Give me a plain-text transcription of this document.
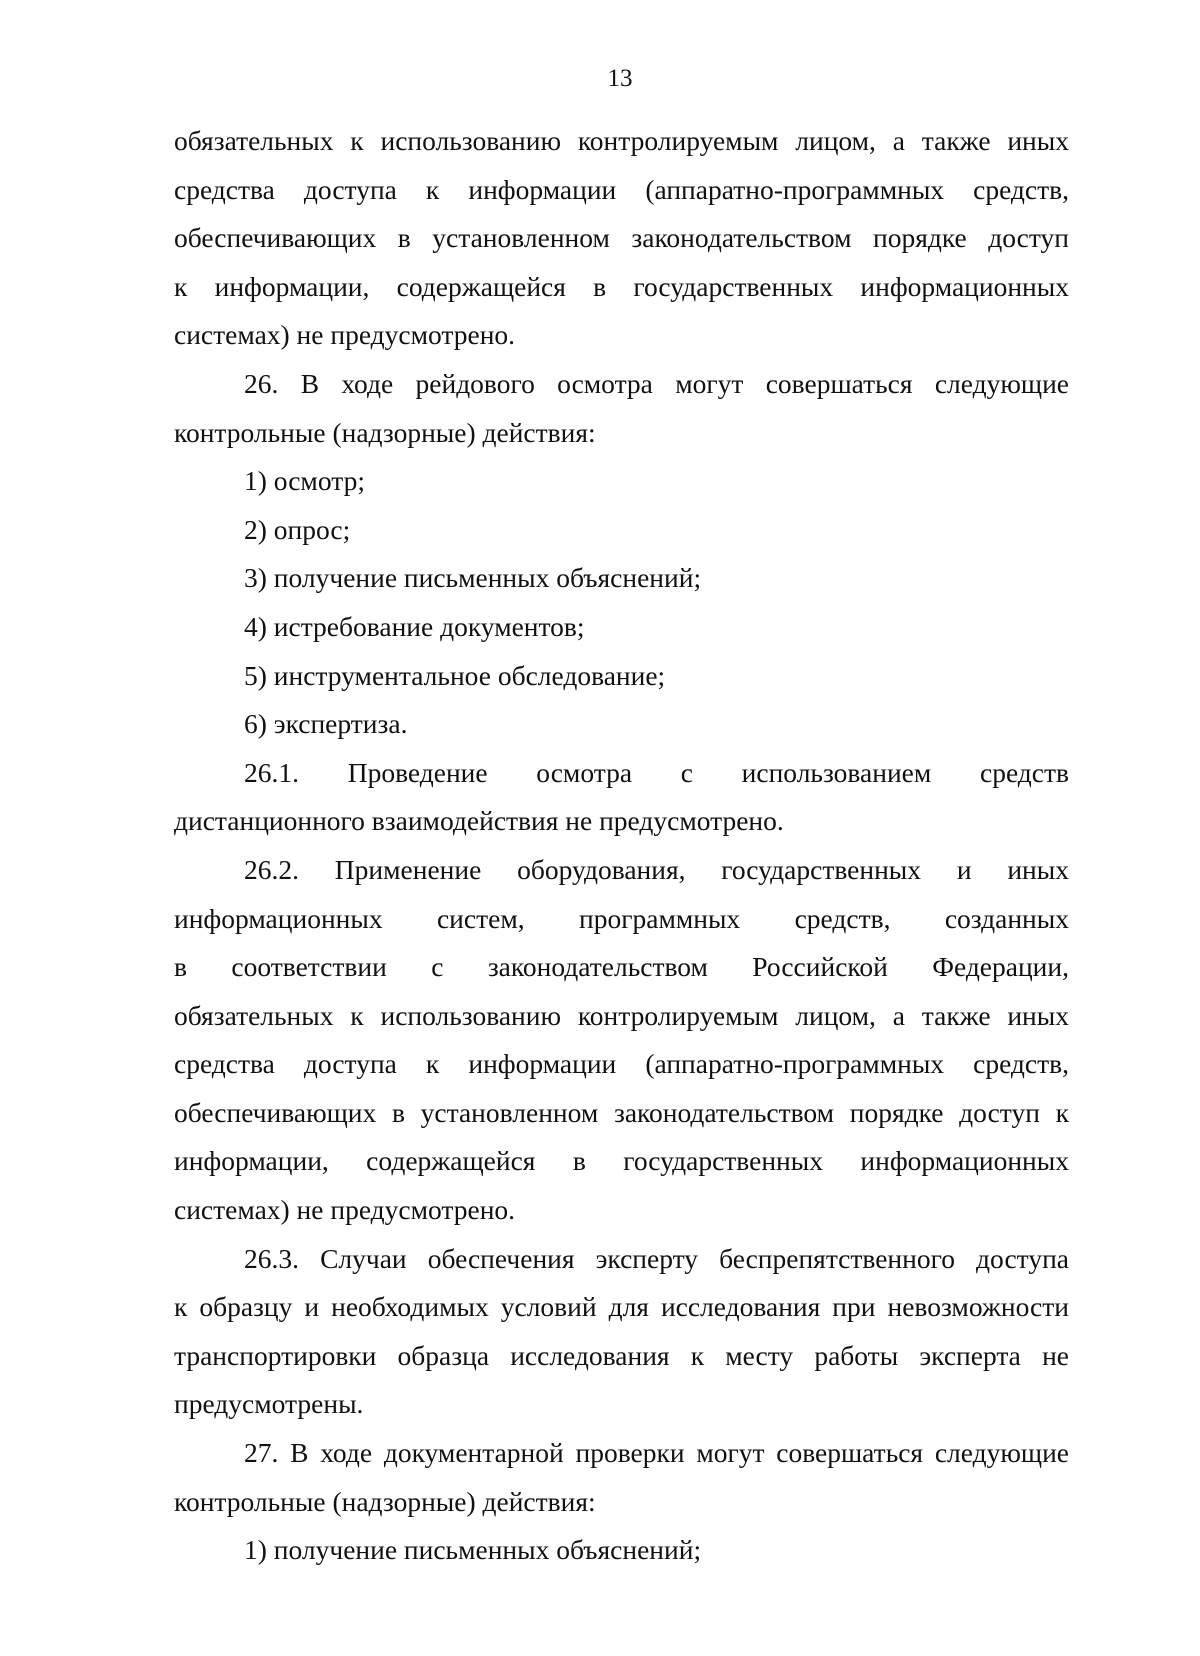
13
обязательных к использованию контролируемым лицом, а также иных
средства доступа к информации (аппаратно-программных средств,
обеспечивающих в установленном законодательством порядке доступ
к информации, содержащейся в государственных информационных
системах) не предусмотрено.
26. В ходе рейдового осмотра могут совершаться следующие
контрольные (надзорные) действия:
1) осмотр;
2) опрос;
3) получение письменных объяснений;
4) истребование документов;
5) инструментальное обследование;
6) экспертиза.
26.1. Проведение осмотра с использованием средств
дистанционного взаимодействия не предусмотрено.
26.2. Применение оборудования, государственных и иных
информационных систем, программных средств, созданных
в соответствии с законодательством Российской Федерации,
обязательных к использованию контролируемым лицом, а также иных
средства доступа к информации (аппаратно-программных средств,
обеспечивающих в установленном законодательством порядке доступ к
информации, содержащейся в государственных информационных
системах) не предусмотрено.
26.3. Случаи обеспечения эксперту беспрепятственного доступа
к образцу и необходимых условий для исследования при невозможности
транспортировки образца исследования к месту работы эксперта не
предусмотрены.
27. В ходе документарной проверки могут совершаться следующие
контрольные (надзорные) действия:
1) получение письменных объяснений;
